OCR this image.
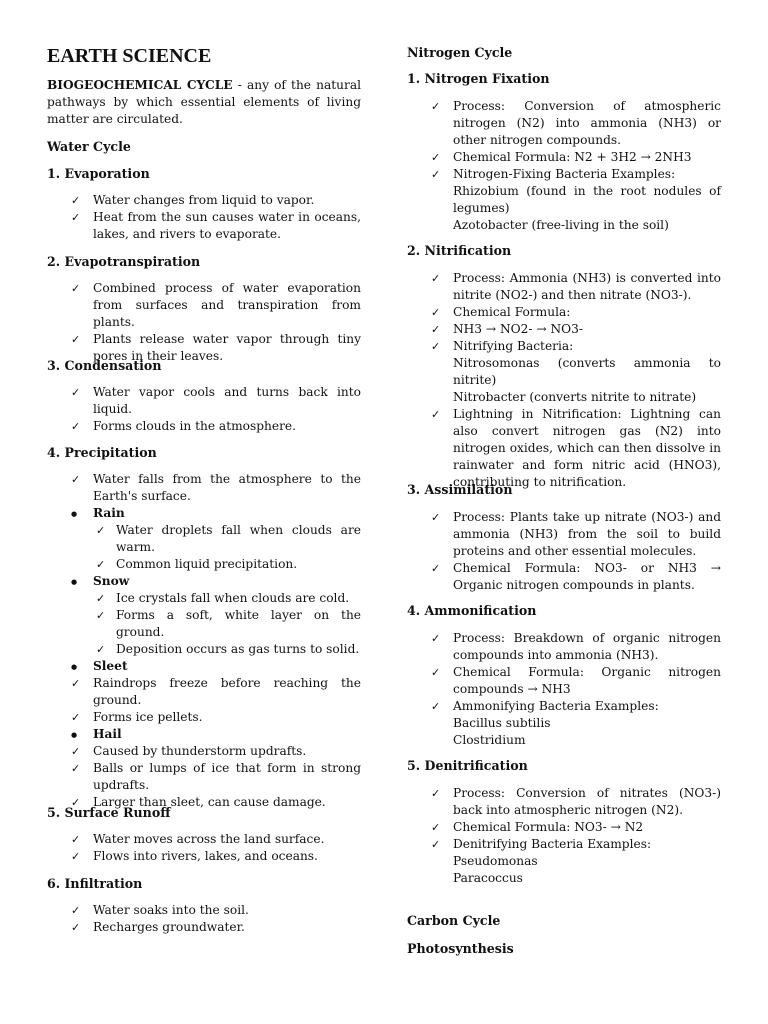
EARTH SCIENCE

BIOGEOCHEMICAL CYCLE - any of the natural pathways by which essential elements of living matter are circulated.

Water Cycle
1. Evaporation
✓ Water changes from liquid to vapor.
✓ Heat from the sun causes water in oceans, lakes, and rivers to evaporate.
2. Evapotranspiration
✓ Combined process of water evaporation from surfaces and transpiration from plants.
✓ Plants release water vapor through tiny pores in their leaves.
3. Condensation
✓ Water vapor cools and turns back into liquid.
✓ Forms clouds in the atmosphere.
4. Precipitation
✓ Water falls from the atmosphere to the Earth's surface.
● Rain
✓ Water droplets fall when clouds are warm.
✓ Common liquid precipitation.
● Snow
✓ Ice crystals fall when clouds are cold.
✓ Forms a soft, white layer on the ground.
✓ Deposition occurs as gas turns to solid.
● Sleet
✓ Raindrops freeze before reaching the ground.
✓ Forms ice pellets.
● Hail
✓ Caused by thunderstorm updrafts.
✓ Balls or lumps of ice that form in strong updrafts.
✓ Larger than sleet, can cause damage.
5. Surface Runoff
✓ Water moves across the land surface.
✓ Flows into rivers, lakes, and oceans.
6. Infiltration
✓ Water soaks into the soil.
✓ Recharges groundwater.
Nitrogen Cycle
1. Nitrogen Fixation
✓ Process: Conversion of atmospheric nitrogen (N2) into ammonia (NH3) or other nitrogen compounds.
✓ Chemical Formula: N2 + 3H2 → 2NH3
✓ Nitrogen-Fixing Bacteria Examples:
Rhizobium (found in the root nodules of legumes)
Azotobacter (free-living in the soil)
2. Nitrification
✓ Process: Ammonia (NH3) is converted into nitrite (NO2-) and then nitrate (NO3-).
✓ Chemical Formula:
✓ NH3 → NO2- → NO3-
✓ Nitrifying Bacteria:
Nitrosomonas (converts ammonia to nitrite)
Nitrobacter (converts nitrite to nitrate)
✓ Lightning in Nitrification: Lightning can also convert nitrogen gas (N2) into nitrogen oxides, which can then dissolve in rainwater and form nitric acid (HNO3), contributing to nitrification.
3. Assimilation
✓ Process: Plants take up nitrate (NO3-) and ammonia (NH3) from the soil to build proteins and other essential molecules.
✓ Chemical Formula: NO3- or NH3 → Organic nitrogen compounds in plants.
4. Ammonification
✓ Process: Breakdown of organic nitrogen compounds into ammonia (NH3).
✓ Chemical Formula: Organic nitrogen compounds → NH3
✓ Ammonifying Bacteria Examples:
Bacillus subtilis
Clostridium
5. Denitrification
✓ Process: Conversion of nitrates (NO3-) back into atmospheric nitrogen (N2).
✓ Chemical Formula: NO3- → N2
✓ Denitrifying Bacteria Examples:
Pseudomonas
Paracoccus
Carbon Cycle
Photosynthesis
